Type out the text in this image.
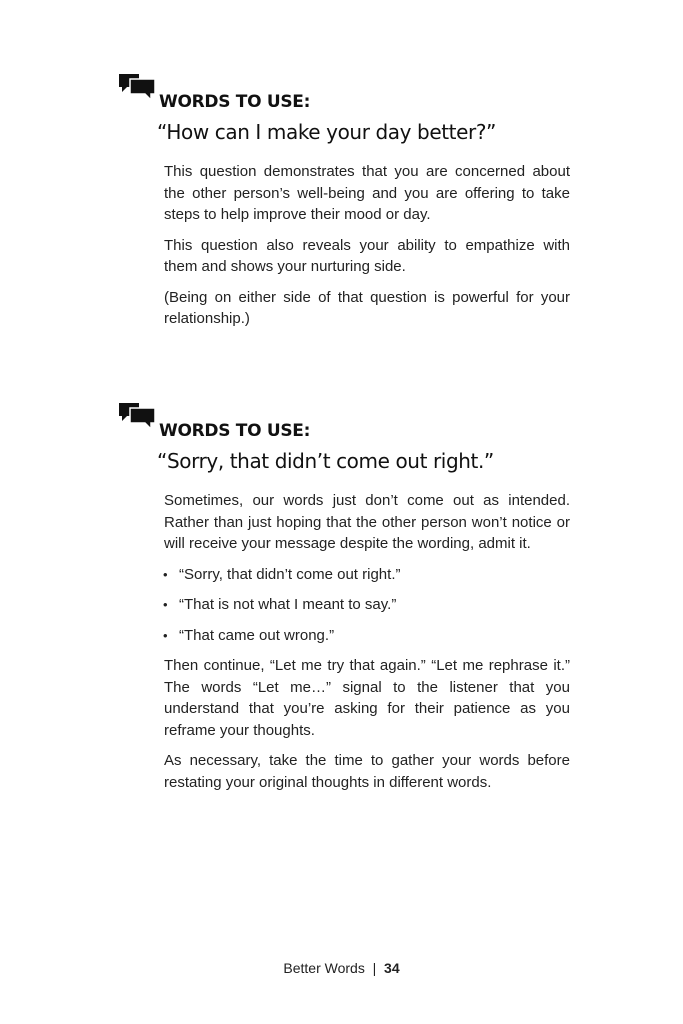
WORDS TO USE:
“How can I make your day better?”

This question demonstrates that you are concerned about the other person’s well-being and you are offering to take steps to help improve their mood or day.

This question also reveals your ability to empathize with them and shows your nurturing side.

(Being on either side of that question is powerful for your relationship.)

WORDS TO USE:
“Sorry, that didn’t come out right.”

Sometimes, our words just don’t come out as intended. Rather than just hoping that the other person won’t notice or will receive your message despite the wording, admit it.

• “Sorry, that didn’t come out right.”
• “That is not what I meant to say.”
• “That came out wrong.”

Then continue, “Let me try that again.” “Let me rephrase it.” The words “Let me…” signal to the listener that you understand that you’re asking for their patience as you reframe your thoughts.

As necessary, take the time to gather your words before restating your original thoughts in different words.

Better Words | 34
